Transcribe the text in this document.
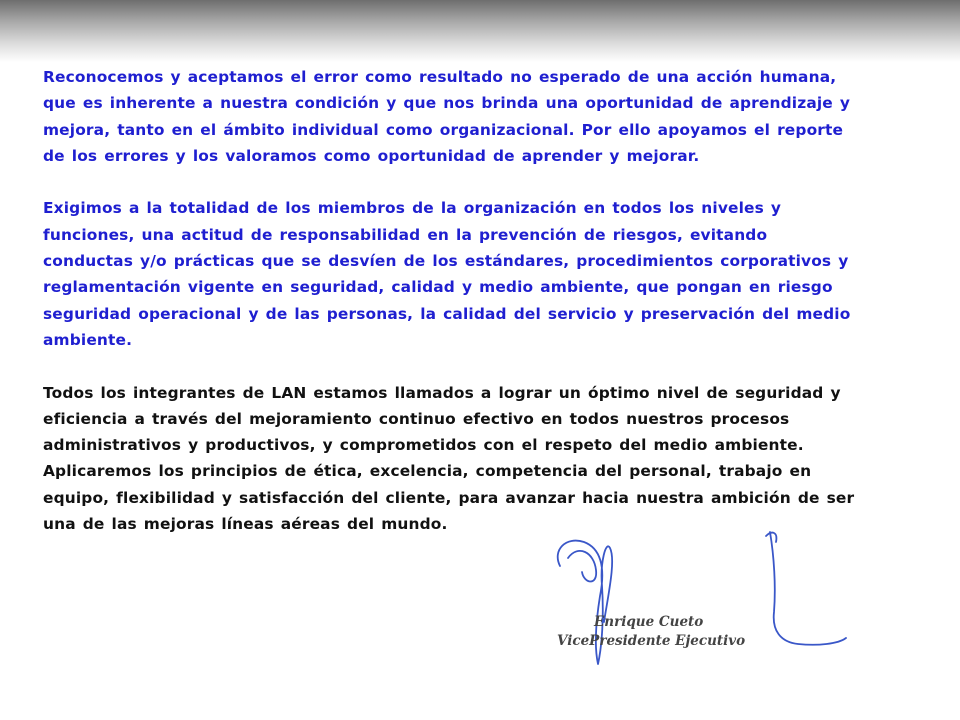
Reconocemos y aceptamos el error como resultado no esperado de una acción humana,
que es inherente a nuestra condición y que nos brinda una oportunidad de aprendizaje y
mejora, tanto en el ámbito individual como organizacional. Por ello apoyamos el reporte
de los errores y los valoramos como oportunidad de aprender y mejorar.

Exigimos a la totalidad de los miembros de la organización en todos los niveles y
funciones, una actitud de responsabilidad en la prevención de riesgos, evitando
conductas y/o prácticas que se desvíen de los estándares, procedimientos corporativos y
reglamentación vigente en seguridad, calidad y medio ambiente, que pongan en riesgo
seguridad operacional y de las personas, la calidad del servicio y preservación del medio
ambiente.

Todos los integrantes de LAN estamos llamados a lograr un óptimo nivel de seguridad y
eficiencia a través del mejoramiento continuo efectivo en todos nuestros procesos
administrativos y productivos, y comprometidos con el respeto del medio ambiente.
Aplicaremos los principios de ética, excelencia, competencia del personal, trabajo en
equipo, flexibilidad y satisfacción del cliente, para avanzar hacia nuestra ambición de ser
una de las mejoras líneas aéreas del mundo.

Enrique Cueto
VicePresidente Ejecutivo
